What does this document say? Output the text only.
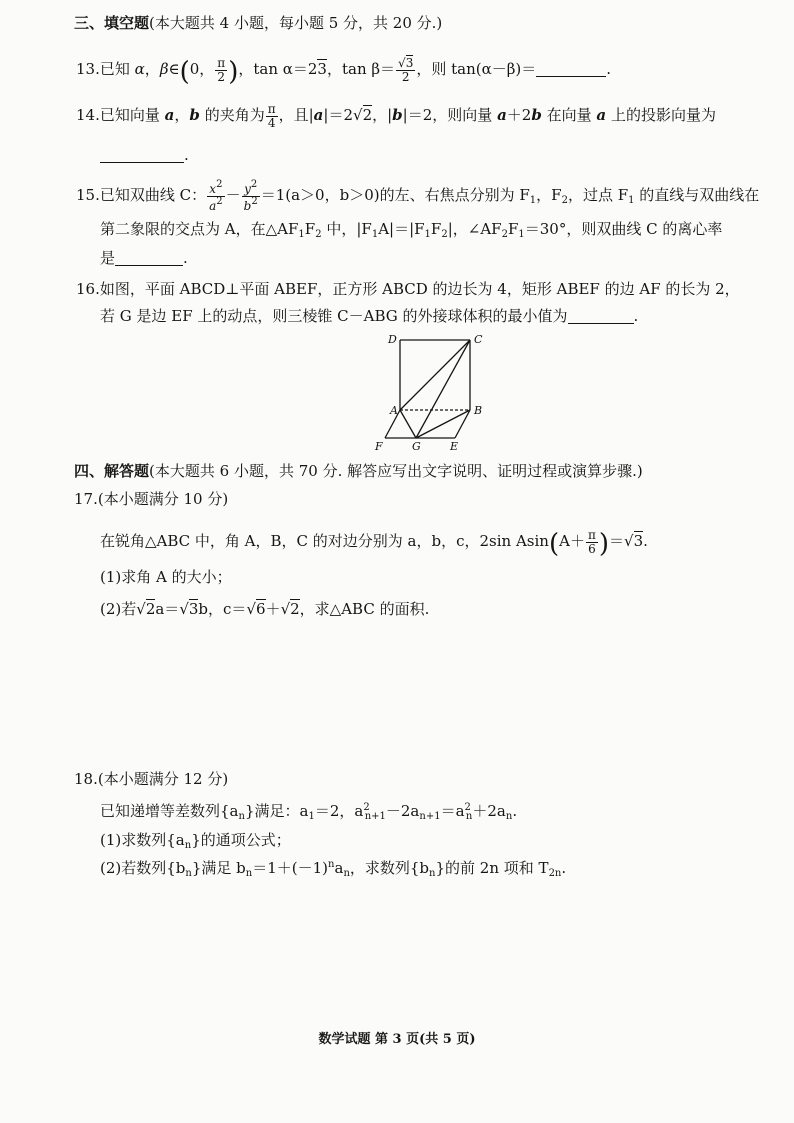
三、填空题(本大题共 4 小题，每小题 5 分，共 20 分.)
13.已知 α，β∈(0， $\frac{\pi}{2}$ )，tan α＝23，$\tan \beta= \frac{√3}{2}$ ，则 tan(α－β)＝	.
14.已知向量 a，b 的夹角为 $\frac{\pi}{4}$ ，且|a|＝2√2，|b|＝2，则向量 a＋2b 在向量 a 上的投影向量为
.
15.已知双曲线 C： $\frac{x^2}{a^2} - \frac{y^2}{b^2} =1(a>0$，b＞0)的左、右焦点分别为 $F_1$，$F_2$，过点 $F_1$ 的直线与双曲线在
第二象限的交点为 A，在$\triangle AF_1F_2$ 中，$|F_1A|=|F_1F_2|$，$\angle AF_2F_1=30^\circ$，则双曲线 C 的离心率
是	.
16.如图，平面 ABCD⊥平面 ABEF，正方形 ABCD 的边长为 4，矩形 ABEF 的边 AF 的长为 2，
若 G 是边 EF 上的动点，则三棱锥 C－ABG 的外接球体积的最小值为	.
D	C
A	B
F	G	E
四、解答题(本大题共 6 小题，共 70 分. 解答应写出文字说明、证明过程或演算步骤.)
17.(本小题满分 10 分)
在锐角△ABC 中，角 A，B，C 的对边分别为 a，b，c，2sin $Asin(A+ \frac{\pi}{6} )=√3$.
(1)求角 A 的大小；
(2)若√2a＝√3b，c＝√6＋√2，求△ABC 的面积.
18.(本小题满分 12 分)
已知递增等差数列$\{a_n\}$满足：$a_1=2$，$a^2_{n+1}-2a_{n+1}=a^2_n+2a_n$.
(1)求数列$\{a_n\}$的通项公式；
(2)若数列$\{b_n\}$满足 $b_n=1+(-1)^na_n$，求数列$\{b_n\}$的前 2n 项和 $T_{2n}$.
数学试题 第 3 页(共 5 页)
